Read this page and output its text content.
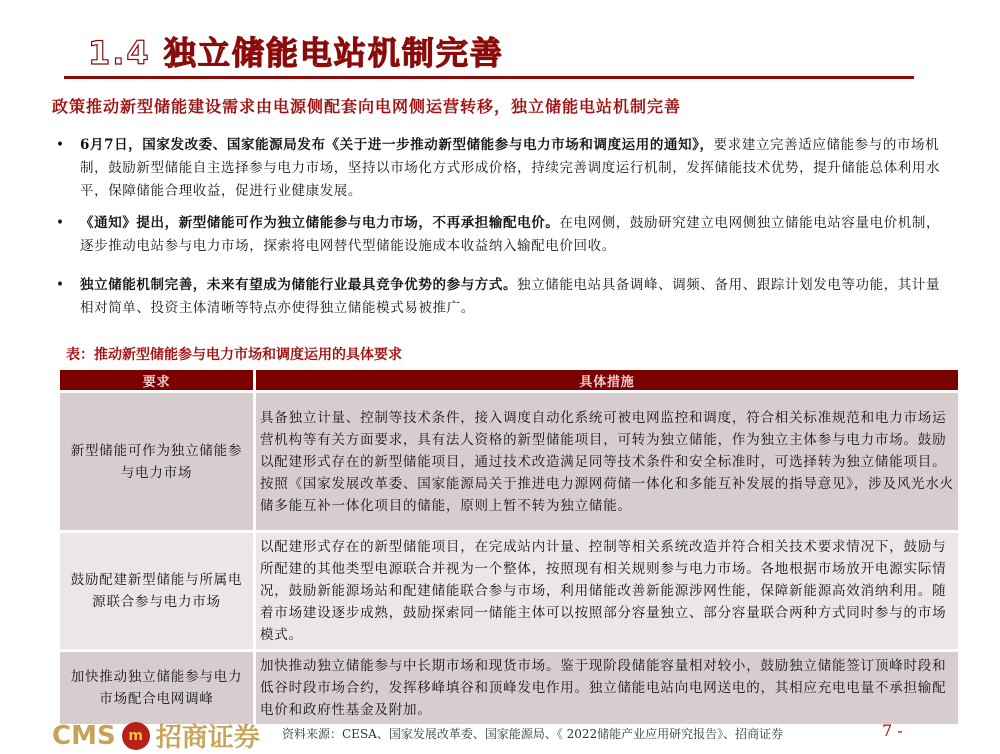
1.4 独立储能电站机制完善
政策推动新型储能建设需求由电源侧配套向电网侧运营转移，独立储能电站机制完善
• 6月7日，国家发改委、国家能源局发布《关于进一步推动新型储能参与电力市场和调度运用的通知》，要求建立完善适应储能参与的市场机制，鼓励新型储能自主选择参与电力市场，坚持以市场化方式形成价格，持续完善调度运行机制，发挥储能技术优势，提升储能总体利用水平，保障储能合理收益，促进行业健康发展。
• 《通知》提出，新型储能可作为独立储能参与电力市场，不再承担输配电价。在电网侧，鼓励研究建立电网侧独立储能电站容量电价机制，逐步推动电站参与电力市场，探索将电网替代型储能设施成本收益纳入输配电价回收。
• 独立储能机制完善，未来有望成为储能行业最具竞争优势的参与方式。独立储能电站具备调峰、调频、备用、跟踪计划发电等功能，其计量相对简单、投资主体清晰等特点亦使得独立储能模式易被推广。
表：推动新型储能参与电力市场和调度运用的具体要求
要求	具体措施
新型储能可作为独立储能参与电力市场	具备独立计量、控制等技术条件，接入调度自动化系统可被电网监控和调度，符合相关标准规范和电力市场运营机构等有关方面要求，具有法人资格的新型储能项目，可转为独立储能，作为独立主体参与电力市场。鼓励以配建形式存在的新型储能项目，通过技术改造满足同等技术条件和安全标准时，可选择转为独立储能项目。按照《国家发展改革委、国家能源局关于推进电力源网荷储一体化和多能互补发展的指导意见》，涉及风光水火储多能互补一体化项目的储能，原则上暂不转为独立储能。
鼓励配建新型储能与所属电源联合参与电力市场	以配建形式存在的新型储能项目，在完成站内计量、控制等相关系统改造并符合相关技术要求情况下，鼓励与所配建的其他类型电源联合并视为一个整体，按照现有相关规则参与电力市场。各地根据市场放开电源实际情况，鼓励新能源场站和配建储能联合参与市场，利用储能改善新能源涉网性能，保障新能源高效消纳利用。随着市场建设逐步成熟，鼓励探索同一储能主体可以按照部分容量独立、部分容量联合两种方式同时参与的市场模式。
加快推动独立储能参与电力市场配合电网调峰	加快推动独立储能参与中长期市场和现货市场。鉴于现阶段储能容量相对较小，鼓励独立储能签订顶峰时段和低谷时段市场合约，发挥移峰填谷和顶峰发电作用。独立储能电站向电网送电的，其相应充电电量不承担输配电价和政府性基金及附加。
CMS m 招商证券 资料来源：CESA、国家发展改革委、国家能源局、《 2022储能产业应用研究报告》、招商证券	7 -
